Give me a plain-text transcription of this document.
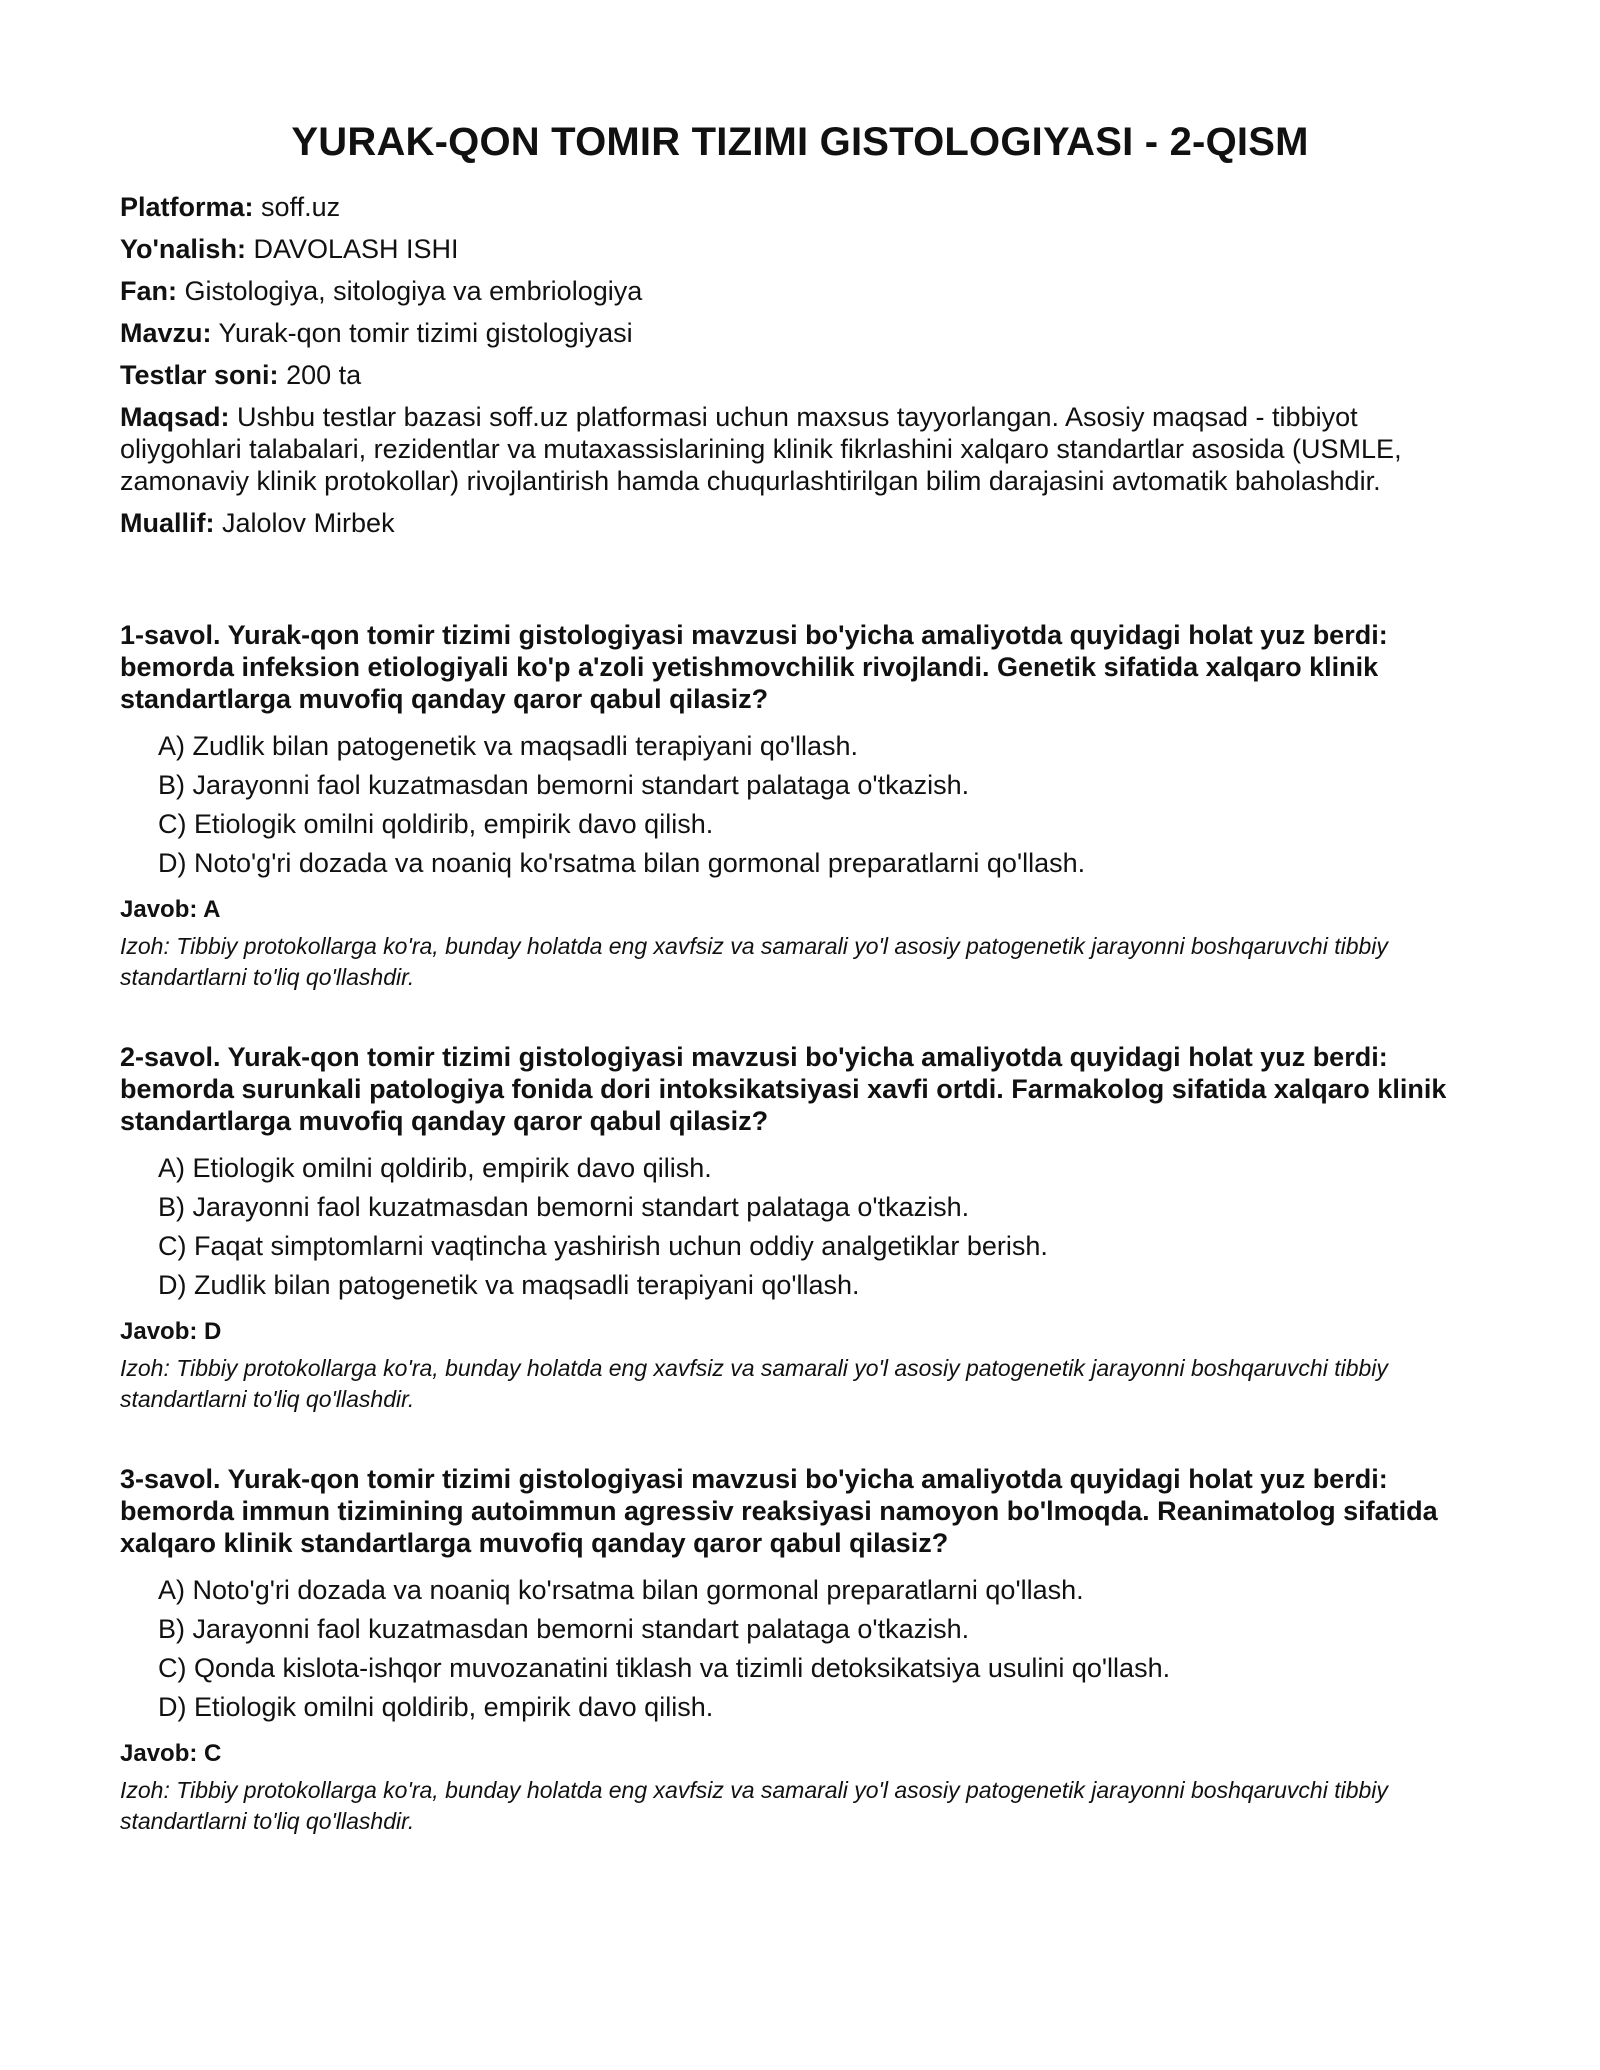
YURAK-QON TOMIR TIZIMI GISTOLOGIYASI - 2-QISM

Platforma: soff.uz

Yo'nalish: DAVOLASH ISHI

Fan: Gistologiya, sitologiya va embriologiya

Mavzu: Yurak-qon tomir tizimi gistologiyasi

Testlar soni: 200 ta

Maqsad: Ushbu testlar bazasi soff.uz platformasi uchun maxsus tayyorlangan. Asosiy maqsad - tibbiyot oliygohlari talabalari, rezidentlar va mutaxassislarining klinik fikrlashini xalqaro standartlar asosida (USMLE, zamonaviy klinik protokollar) rivojlantirish hamda chuqurlashtirilgan bilim darajasini avtomatik baholashdir.

Muallif: Jalolov Mirbek

1-savol. Yurak-qon tomir tizimi gistologiyasi mavzusi bo'yicha amaliyotda quyidagi holat yuz berdi: bemorda infeksion etiologiyali ko'p a'zoli yetishmovchilik rivojlandi. Genetik sifatida xalqaro klinik standartlarga muvofiq qanday qaror qabul qilasiz?

A) Zudlik bilan patogenetik va maqsadli terapiyani qo'llash.
B) Jarayonni faol kuzatmasdan bemorni standart palataga o'tkazish.
C) Etiologik omilni qoldirib, empirik davo qilish.
D) Noto'g'ri dozada va noaniq ko'rsatma bilan gormonal preparatlarni qo'llash.

Javob: A

Izoh: Tibbiy protokollarga ko'ra, bunday holatda eng xavfsiz va samarali yo'l asosiy patogenetik jarayonni boshqaruvchi tibbiy standartlarni to'liq qo'llashdir.

2-savol. Yurak-qon tomir tizimi gistologiyasi mavzusi bo'yicha amaliyotda quyidagi holat yuz berdi: bemorda surunkali patologiya fonida dori intoksikatsiyasi xavfi ortdi. Farmakolog sifatida xalqaro klinik standartlarga muvofiq qanday qaror qabul qilasiz?

A) Etiologik omilni qoldirib, empirik davo qilish.
B) Jarayonni faol kuzatmasdan bemorni standart palataga o'tkazish.
C) Faqat simptomlarni vaqtincha yashirish uchun oddiy analgetiklar berish.
D) Zudlik bilan patogenetik va maqsadli terapiyani qo'llash.

Javob: D

Izoh: Tibbiy protokollarga ko'ra, bunday holatda eng xavfsiz va samarali yo'l asosiy patogenetik jarayonni boshqaruvchi tibbiy standartlarni to'liq qo'llashdir.

3-savol. Yurak-qon tomir tizimi gistologiyasi mavzusi bo'yicha amaliyotda quyidagi holat yuz berdi: bemorda immun tizimining autoimmun agressiv reaksiyasi namoyon bo'lmoqda. Reanimatolog sifatida xalqaro klinik standartlarga muvofiq qanday qaror qabul qilasiz?

A) Noto'g'ri dozada va noaniq ko'rsatma bilan gormonal preparatlarni qo'llash.
B) Jarayonni faol kuzatmasdan bemorni standart palataga o'tkazish.
C) Qonda kislota-ishqor muvozanatini tiklash va tizimli detoksikatsiya usulini qo'llash.
D) Etiologik omilni qoldirib, empirik davo qilish.

Javob: C

Izoh: Tibbiy protokollarga ko'ra, bunday holatda eng xavfsiz va samarali yo'l asosiy patogenetik jarayonni boshqaruvchi tibbiy standartlarni to'liq qo'llashdir.
